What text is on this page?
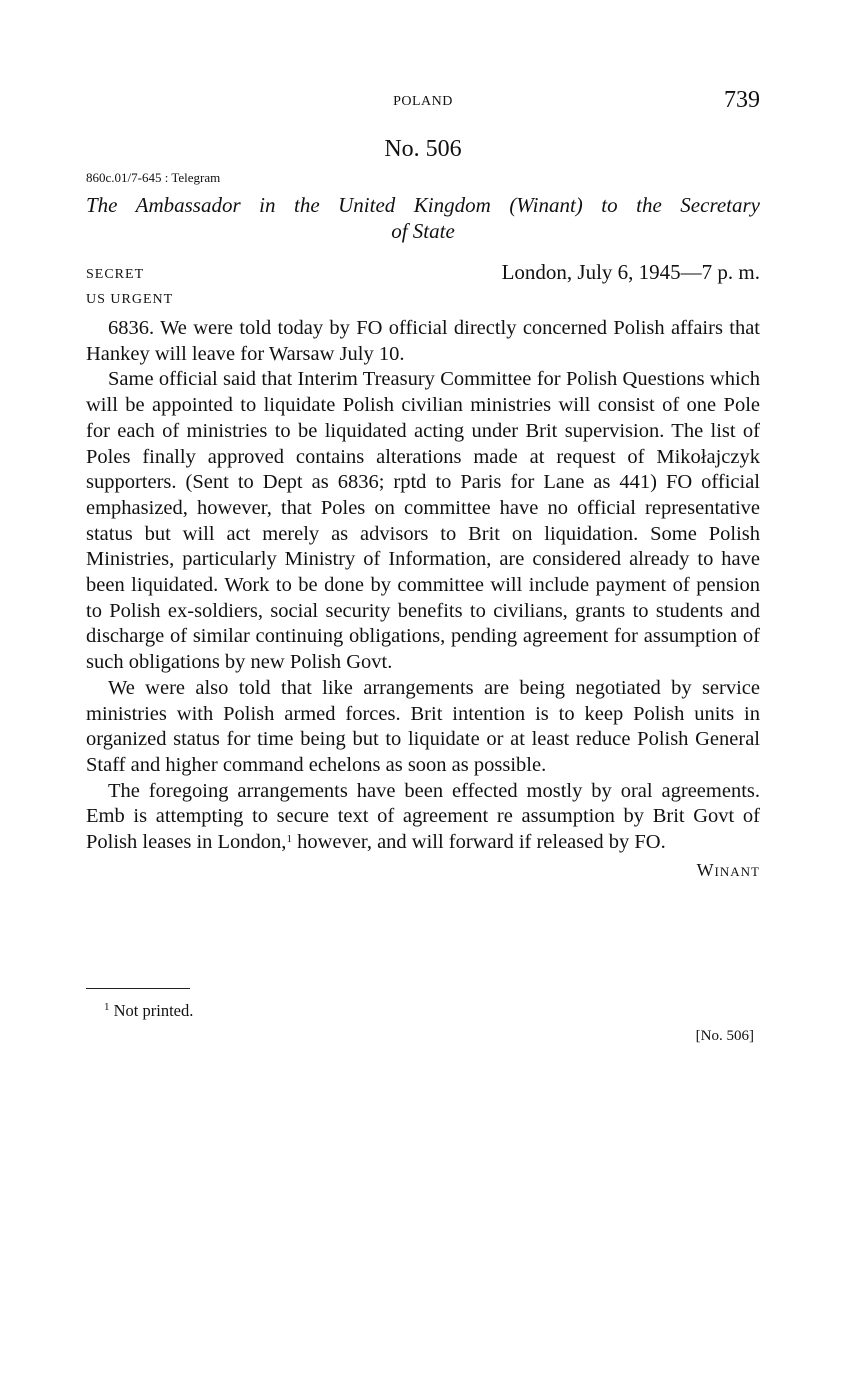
POLAND	739
No. 506
860c.01/7-645 : Telegram
The Ambassador in the United Kingdom (Winant) to the Secretary
of State
SECRET
US URGENT
London, July 6, 1945—7 p. m.

6836. We were told today by FO official directly concerned Polish affairs that Hankey will leave for Warsaw July 10.

Same official said that Interim Treasury Committee for Polish Questions which will be appointed to liquidate Polish civilian ministries will consist of one Pole for each of ministries to be liquidated acting under Brit supervision. The list of Poles finally approved contains alterations made at request of Mikołajczyk supporters. (Sent to Dept as 6836; rptd to Paris for Lane as 441) FO official emphasized, however, that Poles on committee have no official representative status but will act merely as advisors to Brit on liquidation. Some Polish Ministries, particularly Ministry of Information, are considered already to have been liquidated. Work to be done by committee will include payment of pension to Polish ex-soldiers, social security benefits to civilians, grants to students and discharge of similar continuing obligations, pending agreement for assumption of such obligations by new Polish Govt.

We were also told that like arrangements are being negotiated by service ministries with Polish armed forces. Brit intention is to keep Polish units in organized status for time being but to liquidate or at least reduce Polish General Staff and higher command echelons as soon as possible.

The foregoing arrangements have been effected mostly by oral agreements. Emb is attempting to secure text of agreement re assumption by Brit Govt of Polish leases in London,$^1$ however, and will forward if released by FO.

Winant
$^1$ Not printed.
[No. 506]
